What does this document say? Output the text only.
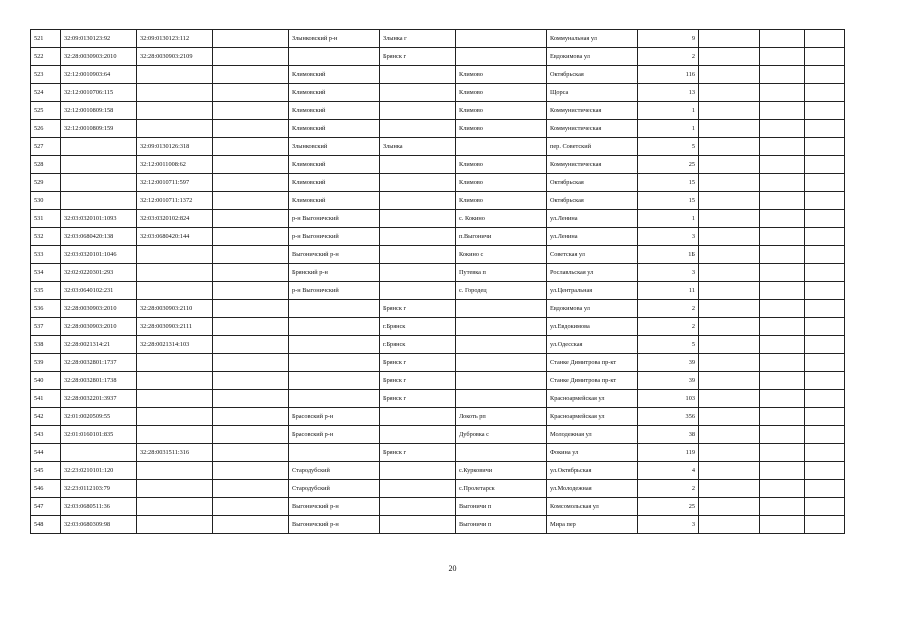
521	32:09:0130123:92	32:09:0130123:112		Злынковский р-н	Злынка г		Коммунальная ул	9			
522	32:28:0030903:2010	32:28:0030903:2109			Брянск г		Евдокимова ул	2			
523	32:12:0010903:64			Климовский		Климово	Октябрьская	116			
524	32:12:0010706:115			Климовский		Климово	Щорса	13			
525	32:12:0010809:158			Климовский		Климово	Коммунистическая	1			
526	32:12:0010809:159			Климовский		Климово	Коммунистическая	1			
527		32:09:0130126:318		Злынковский	Злынка		пер. Советский	5			
528		32:12:0011008:62		Климовский		Климово	Коммунистическая	25			
529		32:12:0010711:597		Климовский		Климово	Октябрьская	15			
530		32:12:0010711:1372		Климовский		Климово	Октябрьская	15			
531	32:03:0320101:1093	32:03:0320102:824		р-н Выгоничский		с. Кокино	ул.Ленина	1			
532	32:03:0680420:138	32:03:0680420:144		р-н Выгоничский		п.Выгоничи	ул.Ленина	3			
533	32:03:0320101:1046			Выгоничский р-н		Кокино с	Советская ул	1Б			
534	32:02:0220301:293			Брянский р-н		Путевка п	Рославльская ул	3			
535	32:03:0640102:231			р-н Выгоничский		с. Городец	ул.Центральная	11			
536	32:28:0030903:2010	32:28:0030903:2110			Брянск г		Евдокимова ул	2			
537	32:28:0030903:2010	32:28:0030903:2111			г.Брянск		ул.Евдокимова	2			
538	32:28:0021314:21	32:28:0021314:103			г.Брянск		ул.Одесская	5			
539	32:28:0032801:1737				Брянск г		Станке Димитрова пр-кт	39			
540	32:28:0032801:1738				Брянск г		Станке Димитрова пр-кт	39			
541	32:28:0032201:3937				Брянск г		Красноармейская ул	103			
542	32:01:0020509:55			Брасовский р-н		Локоть рп	Красноармейская ул	356			
543	32:01:0160101:835			Брасовский р-н		Дубровка с	Молодежная ул	38			
544		32:28:0031511:316			Брянск г		Фокина ул	119			
545	32:23:0210101:120			Стародубский		с.Курковичи	ул.Октябрьская	4			
546	32:23:0112103:79			Стародубский		с.Пролетарск	ул.Молодежная	2			
547	32:03:0680511:36			Выгоничский р-н		Выгоничи п	Комсомольская ул	25			
548	32:03:0680309:98			Выгоничский р-н		Выгоничи п	Мира пер	3			
20
